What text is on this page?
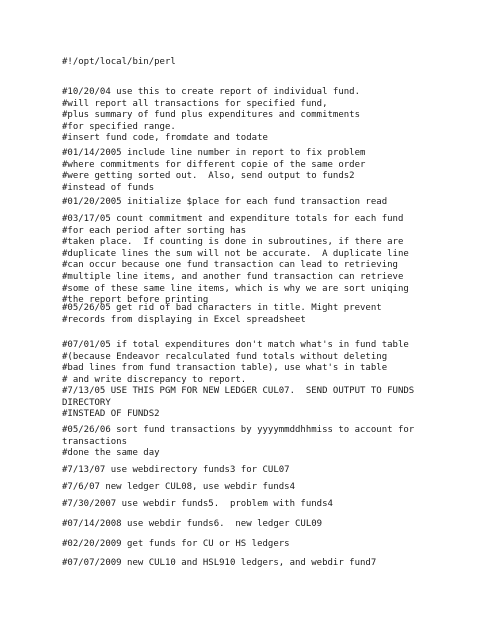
#!/opt/local/bin/perl
#10/20/04 use this to create report of individual fund.
#will report all transactions for specified fund,
#plus summary of fund plus expenditures and commitments
#for specified range.
#insert fund code, fromdate and todate
#01/14/2005 include line number in report to fix problem
#where commitments for different copie of the same order
#were getting sorted out.  Also, send output to funds2
#instead of funds
#01/20/2005 initialize $place for each fund transaction read
#03/17/05 count commitment and expenditure totals for each fund
#for each period after sorting has
#taken place.  If counting is done in subroutines, if there are
#duplicate lines the sum will not be accurate.  A duplicate line
#can occur because one fund transaction can lead to retrieving
#multiple line items, and another fund transaction can retrieve
#some of these same line items, which is why we are sort uniqing
#the report before printing
#05/26/05 get rid of bad characters in title. Might prevent
#records from displaying in Excel spreadsheet
#07/01/05 if total expenditures don't match what's in fund table
#(because Endeavor recalculated fund totals without deleting
#bad lines from fund transaction table), use what's in table
# and write discrepancy to report.
#7/13/05 USE THIS PGM FOR NEW LEDGER CUL07.  SEND OUTPUT TO FUNDS
DIRECTORY
#INSTEAD OF FUNDS2
#05/26/06 sort fund transactions by yyyymmddhhmiss to account for
transactions
#done the same day
#7/13/07 use webdirectory funds3 for CUL07
#7/6/07 new ledger CUL08, use webdir funds4
#7/30/2007 use webdir funds5.  problem with funds4
#07/14/2008 use webdir funds6.  new ledger CUL09
#02/20/2009 get funds for CU or HS ledgers
#07/07/2009 new CUL10 and HSL910 ledgers, and webdir fund7
